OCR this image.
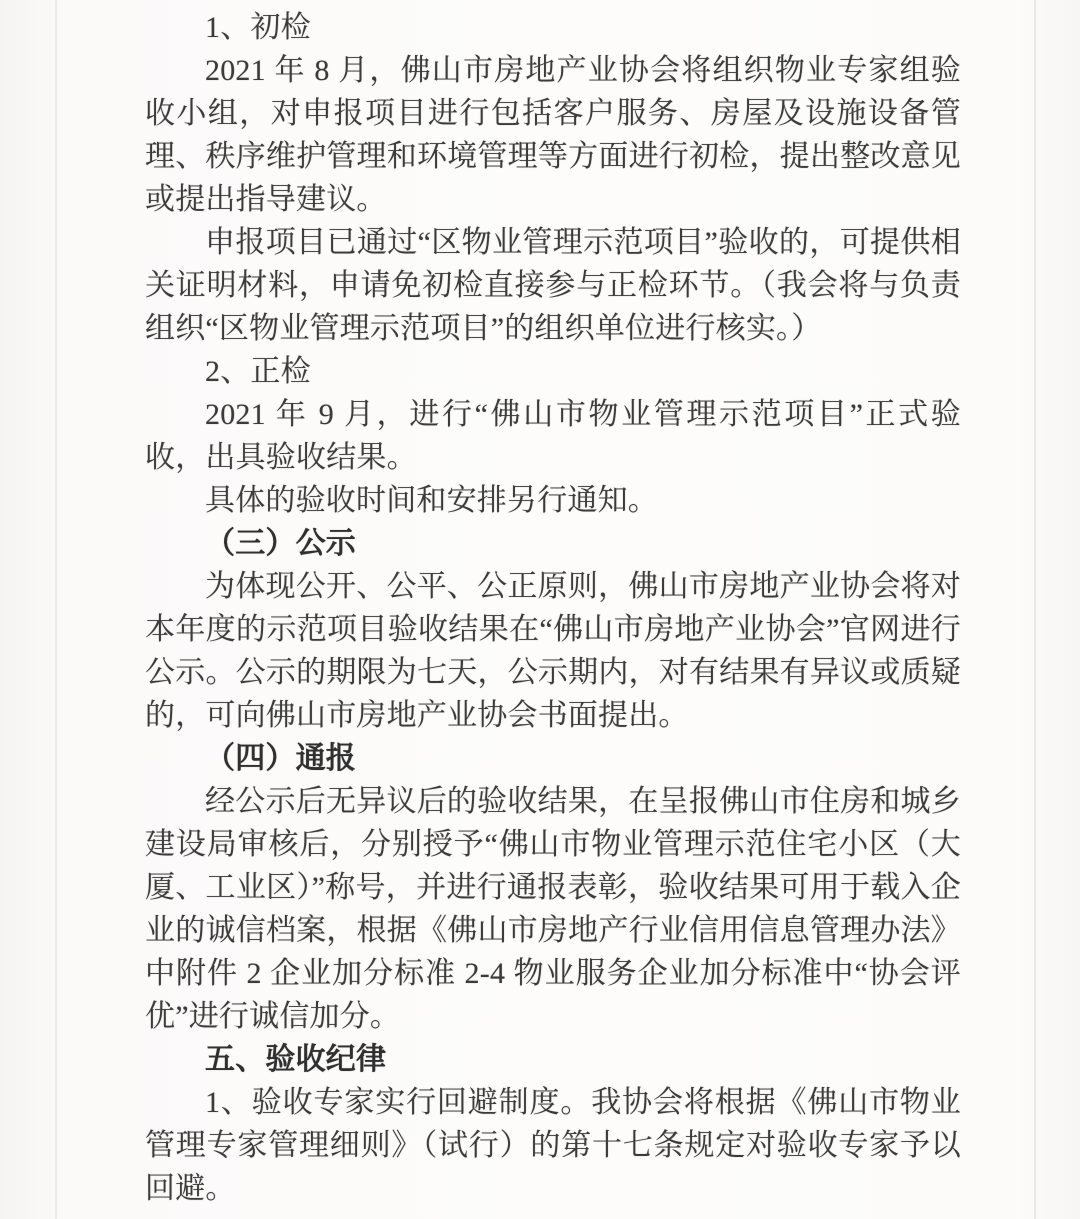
1、初检

2021 年 8 月，佛山市房地产业协会将组织物业专家组验收小组，对申报项目进行包括客户服务、房屋及设施设备管理、秩序维护管理和环境管理等方面进行初检，提出整改意见或提出指导建议。

申报项目已通过“区物业管理示范项目”验收的，可提供相关证明材料，申请免初检直接参与正检环节。（我会将与负责组织“区物业管理示范项目”的组织单位进行核实。）

2、正检

2021 年 9 月，进行“佛山市物业管理示范项目”正式验收，出具验收结果。

具体的验收时间和安排另行通知。

（三）公示

为体现公开、公平、公正原则，佛山市房地产业协会将对本年度的示范项目验收结果在“佛山市房地产业协会”官网进行公示。公示的期限为七天，公示期内，对有结果有异议或质疑的，可向佛山市房地产业协会书面提出。

（四）通报

经公示后无异议后的验收结果，在呈报佛山市住房和城乡建设局审核后，分别授予“佛山市物业管理示范住宅小区（大厦、工业区）”称号，并进行通报表彰，验收结果可用于载入企业的诚信档案，根据《佛山市房地产行业信用信息管理办法》中附件 2 企业加分标准 2-4 物业服务企业加分标准中“协会评优”进行诚信加分。

五、验收纪律

1、验收专家实行回避制度。我协会将根据《佛山市物业管理专家管理细则》（试行）的第十七条规定对验收专家予以回避。
